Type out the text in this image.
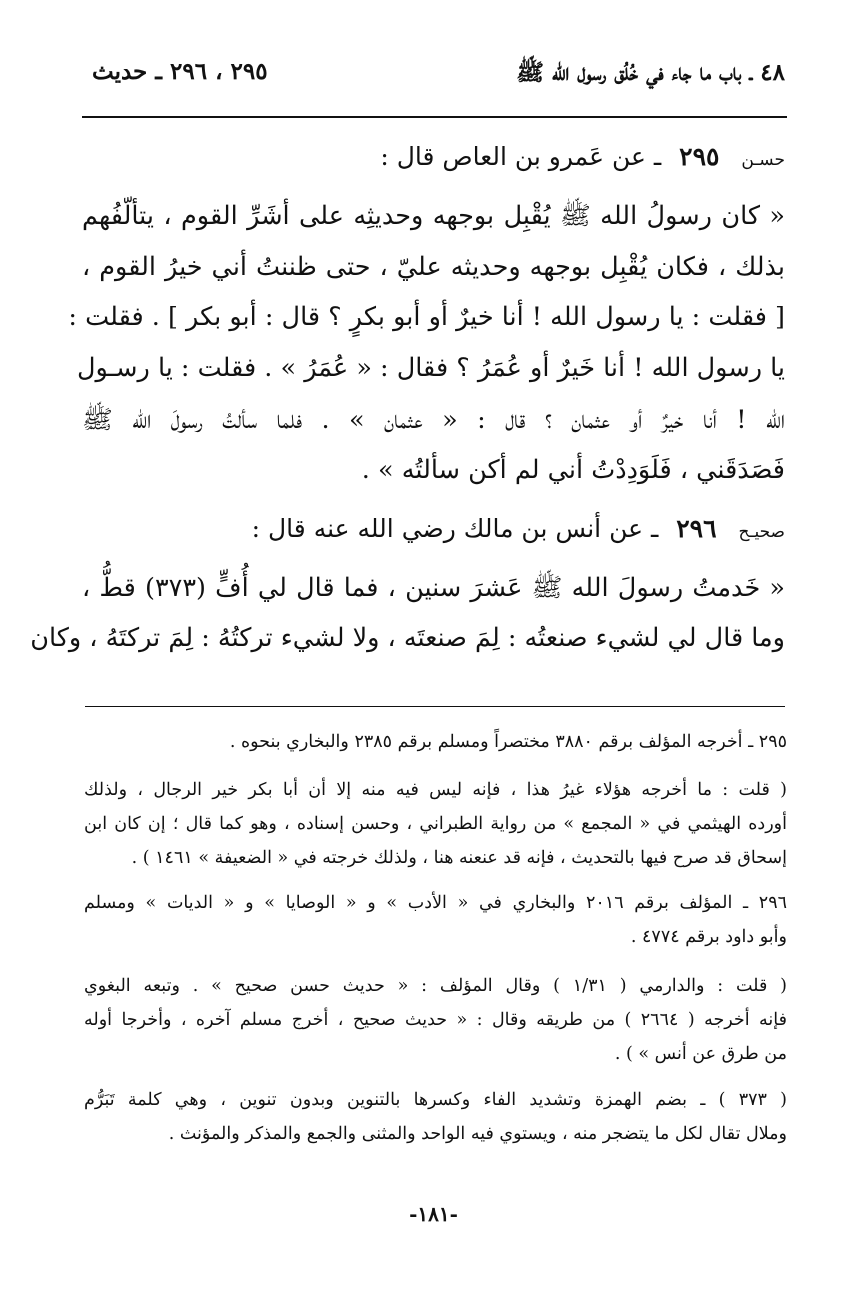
٤٨ ـ باب ما جاء في خُلُق رسول الله ﷺ
٢٩٥ ، ٢٩٦ ـ حديث
حسـن ٢٩٥ ـ عن عَمرو بن العاص قال :
« كان رسولُ الله ﷺ يُقْبِل بوجهه وحديثِه على أشَرِّ القوم ، يتألّفُهم
بذلك ، فكان يُقْبِل بوجهه وحديثه عليّ ، حتى ظننتُ أني خيرُ القوم ،
[ فقلت : يا رسول الله ! أنا خيرٌ أو أبو بكرٍ ؟ قال : أبو بكر ] . فقلت :
يا رسول الله ! أنا خَيرٌ أو عُمَرُ ؟ فقال : « عُمَرُ » . فقلت : يا رسـول
الله ! أنا خيرٌ أو عثمان ؟ قال : « عثمان » . فلما سألتُ رسولَ الله ﷺ
فَصَدَقَني ، فَلَوَدِدْتُ أني لم أكن سألتُه » .
صحيـح ٢٩٦ ـ عن أنس بن مالك رضي الله عنه قال :
« خَدمتُ رسولَ الله ﷺ عَشرَ سنين ، فما قال لي أُفٍّ (٣٧٣) قطُّ ،
وما قال لي لشيء صنعتُه : لِمَ صنعتَه ، ولا لشيء تركتُهُ : لِمَ تركتَهُ ، وكان
٢٩٥ ـ أخرجه المؤلف برقم ٣٨٨٠ مختصراً ومسلم برقم ٢٣٨٥ والبخاري بنحوه .
( قلت : ما أخرجه هؤلاء غيرُ هذا ، فإنه ليس فيه منه إلا أن أبا بكر خير الرجال ، ولذلك
أورده الهيثمي في « المجمع » من رواية الطبراني ، وحسن إسناده ، وهو كما قال ؛ إن كان ابن
إسحاق قد صرح فيها بالتحديث ، فإنه قد عنعنه هنا ، ولذلك خرجته في « الضعيفة » ١٤٦١ ) .
٢٩٦ ـ المؤلف برقم ٢٠١٦ والبخاري في « الأدب » و « الوصايا » و « الديات » ومسلم
وأبو داود برقم ٤٧٧٤ .
( قلت : والدارمي ( ١/٣١ ) وقال المؤلف : « حديث حسن صحيح » . وتبعه البغوي
فإنه أخرجه ( ٢٦٦٤ ) من طريقه وقال : « حديث صحيح ، أخرج مسلم آخره ، وأخرجا أوله
من طرق عن أنس » ) .
( ٣٧٣ ) ـ بضم الهمزة وتشديد الفاء وكسرها بالتنوين وبدون تنوين ، وهي كلمة تَبَرُّم
وملال تقال لكل ما يتضجر منه ، ويستوي فيه الواحد والمثنى والجمع والمذكر والمؤنث .
-١٨١-
